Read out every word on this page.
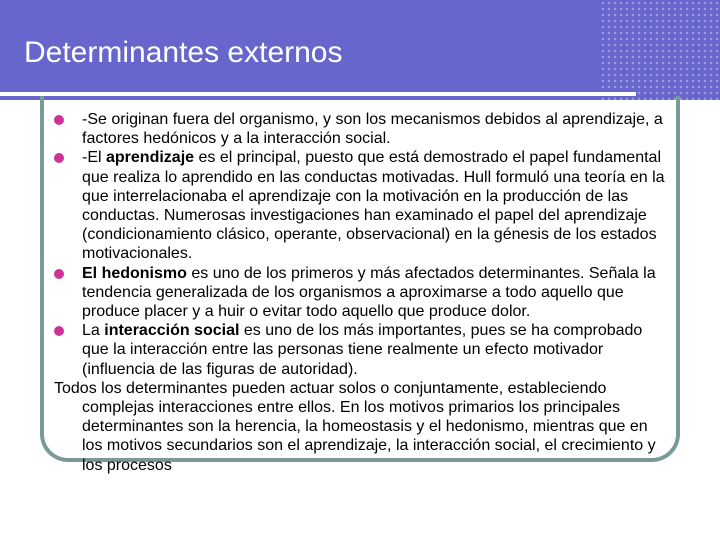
Determinantes externos
-Se originan fuera del organismo, y son los mecanismos debidos al aprendizaje, a factores hedónicos y a la interacción social.
-El aprendizaje es el principal, puesto que está demostrado el papel fundamental que realiza lo aprendido en las conductas motivadas. Hull formuló una teoría en la que interrelacionaba el aprendizaje con la motivación en la producción de las conductas. Numerosas investigaciones han examinado el papel del aprendizaje (condicionamiento clásico, operante, observacional) en la génesis de los estados motivacionales.
El hedonismo es uno de los primeros y más afectados determinantes. Señala la tendencia generalizada de los organismos a aproximarse a todo aquello que produce placer y a huir o evitar todo aquello que produce dolor.
La interacción social es uno de los más importantes, pues se ha comprobado que la interacción entre las personas tiene realmente un efecto motivador (influencia de las figuras de autoridad).
Todos los determinantes pueden actuar solos o conjuntamente, estableciendo complejas interacciones entre ellos. En los motivos primarios los principales determinantes son la herencia, la homeostasis y el hedonismo, mientras que en los motivos secundarios son el aprendizaje, la interacción social, el crecimiento y los procesos
